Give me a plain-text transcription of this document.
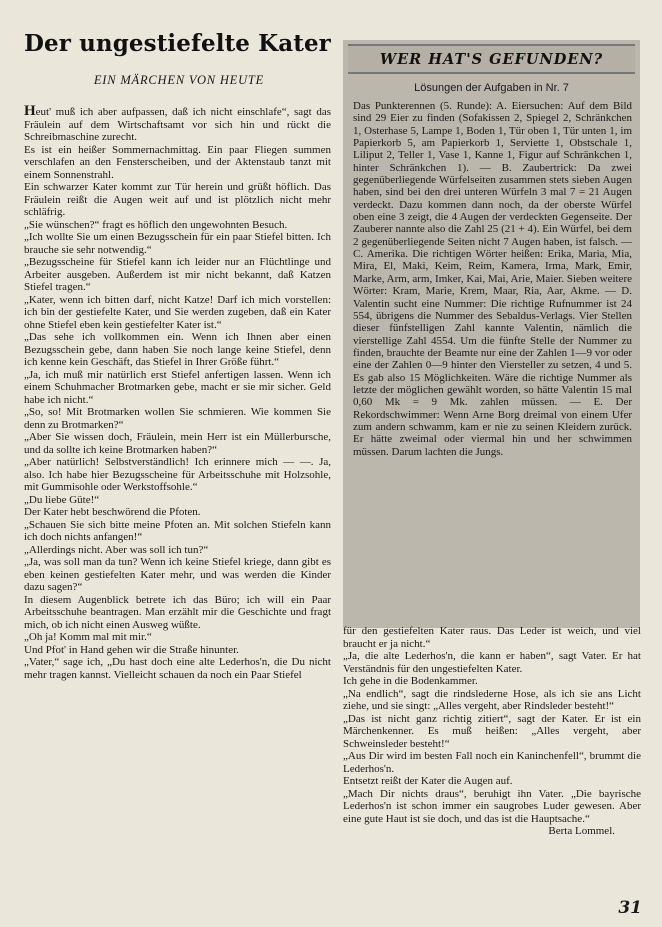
Der ungestiefelte Kater
EIN MÄRCHEN VON HEUTE

Heut' muß ich aber aufpassen, daß ich nicht einschlafe“, sagt das Fräulein auf dem Wirtschaftsamt vor sich hin und rückt die Schreibmaschine zurecht.

Es ist ein heißer Sommernachmittag. Ein paar Fliegen summen verschlafen an den Fensterscheiben, und der Aktenstaub tanzt mit einem Sonnenstrahl.

Ein schwarzer Kater kommt zur Tür herein und grüßt höflich. Das Fräulein reißt die Augen weit auf und ist plötzlich nicht mehr schläfrig.

„Sie wünschen?“ fragt es höflich den ungewohnten Besuch.

„Ich wollte Sie um einen Bezugsschein für ein paar Stiefel bitten. Ich brauche sie sehr notwendig.“

„Bezugsscheine für Stiefel kann ich leider nur an Flüchtlinge und Arbeiter ausgeben. Außerdem ist mir nicht bekannt, daß Katzen Stiefel tragen.“

„Kater, wenn ich bitten darf, nicht Katze! Darf ich mich vorstellen: ich bin der gestiefelte Kater, und Sie werden zugeben, daß ein Kater ohne Stiefel eben kein gestiefelter Kater ist.“

„Das sehe ich vollkommen ein. Wenn ich Ihnen aber einen Bezugsschein gebe, dann haben Sie noch lange keine Stiefel, denn ich kenne kein Geschäft, das Stiefel in Ihrer Größe führt.“

„Ja, ich muß mir natürlich erst Stiefel anfertigen lassen. Wenn ich einem Schuhmacher Brotmarken gebe, macht er sie mir sicher. Geld habe ich nicht.“

„So, so! Mit Brotmarken wollen Sie schmieren. Wie kommen Sie denn zu Brotmarken?“

„Aber Sie wissen doch, Fräulein, mein Herr ist ein Müllerbursche, und da sollte ich keine Brotmarken haben?“

„Aber natürlich! Selbstverständlich! Ich erinnere mich — —. Ja, also. Ich habe hier Bezugsscheine für Arbeitsschuhe mit Holzsohle, mit Gummisohle oder Werkstoffsohle.“

„Du liebe Güte!“

Der Kater hebt beschwörend die Pfoten.

„Schauen Sie sich bitte meine Pfoten an. Mit solchen Stiefeln kann ich doch nichts anfangen!“

„Allerdings nicht. Aber was soll ich tun?“

„Ja, was soll man da tun? Wenn ich keine Stiefel kriege, dann gibt es eben keinen gestiefelten Kater mehr, und was werden die Kinder dazu sagen?“

In diesem Augenblick betrete ich das Büro; ich will ein Paar Arbeitsschuhe beantragen. Man erzählt mir die Geschichte und fragt mich, ob ich nicht einen Ausweg wüßte.

„Oh ja! Komm mal mit mir.“

Und Pfot' in Hand gehen wir die Straße hinunter.

„Vater,“ sage ich, „Du hast doch eine alte Lederhos'n, die Du nicht mehr tragen kannst. Vielleicht schauen da noch ein Paar Stiefel

WER HAT'S GEFUNDEN?
Lösungen der Aufgaben in Nr. 7

Das Punkterennen (5. Runde): A. Eiersuchen: Auf dem Bild sind 29 Eier zu finden (Sofakissen 2, Spiegel 2, Schränkchen 1, Osterhase 5, Lampe 1, Boden 1, Tür oben 1, Tür unten 1, im Papierkorb 5, am Papierkorb 1, Serviette 1, Obstschale 1, Liliput 2, Teller 1, Vase 1, Kanne 1, Figur auf Schränkchen 1, hinter Schränkchen 1). — B. Zaubertrick: Da zwei gegenüberliegende Würfelseiten zusammen stets sieben Augen haben, sind bei den drei unteren Würfeln 3 mal 7 = 21 Augen verdeckt. Dazu kommen dann noch, da der oberste Würfel oben eine 3 zeigt, die 4 Augen der verdeckten Gegenseite. Der Zauberer nannte also die Zahl 25 (21 + 4). Ein Würfel, bei dem 2 gegenüberliegende Seiten nicht 7 Augen haben, ist falsch. — C. Amerika. Die richtigen Wörter heißen: Erika, Maria, Mia, Mira, El, Maki, Keim, Reim, Kamera, Irma, Mark, Emir, Marke, Arm, arm, Imker, Kai, Mai, Arie, Maier. Sieben weitere Wörter: Kram, Marie, Krem, Maar, Ria, Aar, Akme. — D. Valentin sucht eine Nummer: Die richtige Rufnummer ist 24 554, übrigens die Nummer des Sebaldus-Verlags. Vier Stellen dieser fünfstelligen Zahl kannte Valentin, nämlich die vierstellige Zahl 4554. Um die fünfte Stelle der Nummer zu finden, brauchte der Beamte nur eine der Zahlen 1—9 vor oder eine der Zahlen 0—9 hinter den Viersteller zu setzen, 4 und 5. Es gab also 15 Möglichkeiten. Wäre die richtige Nummer als letzte der möglichen gewählt worden, so hätte Valentin 15 mal 0,60 Mk = 9 Mk. zahlen müssen. — E. Der Rekordschwimmer: Wenn Arne Borg dreimal von einem Ufer zum andern schwamm, kam er nie zu seinen Kleidern zurück. Er hätte zweimal oder viermal hin und her schwimmen müssen. Darum lachten die Jungs.

für den gestiefelten Kater raus. Das Leder ist weich, und viel braucht er ja nicht.“

„Ja, die alte Lederhos'n, die kann er haben“, sagt Vater. Er hat Verständnis für den ungestiefelten Kater.

Ich gehe in die Bodenkammer.

„Na endlich“, sagt die rindslederne Hose, als ich sie ans Licht ziehe, und sie singt: „Alles vergeht, aber Rindsleder besteht!“

„Das ist nicht ganz richtig zitiert“, sagt der Kater. Er ist ein Märchenkenner. Es muß heißen: „Alles vergeht, aber Schweinsleder besteht!“

„Aus Dir wird im besten Fall noch ein Kaninchenfell“, brummt die Lederhos'n.

Entsetzt reißt der Kater die Augen auf.

„Mach Dir nichts draus“, beruhigt ihn Vater. „Die bayrische Lederhos'n ist schon immer ein saugrobes Luder gewesen. Aber eine gute Haut ist sie doch, und das ist die Hauptsache.“

Berta Lommel.

31
